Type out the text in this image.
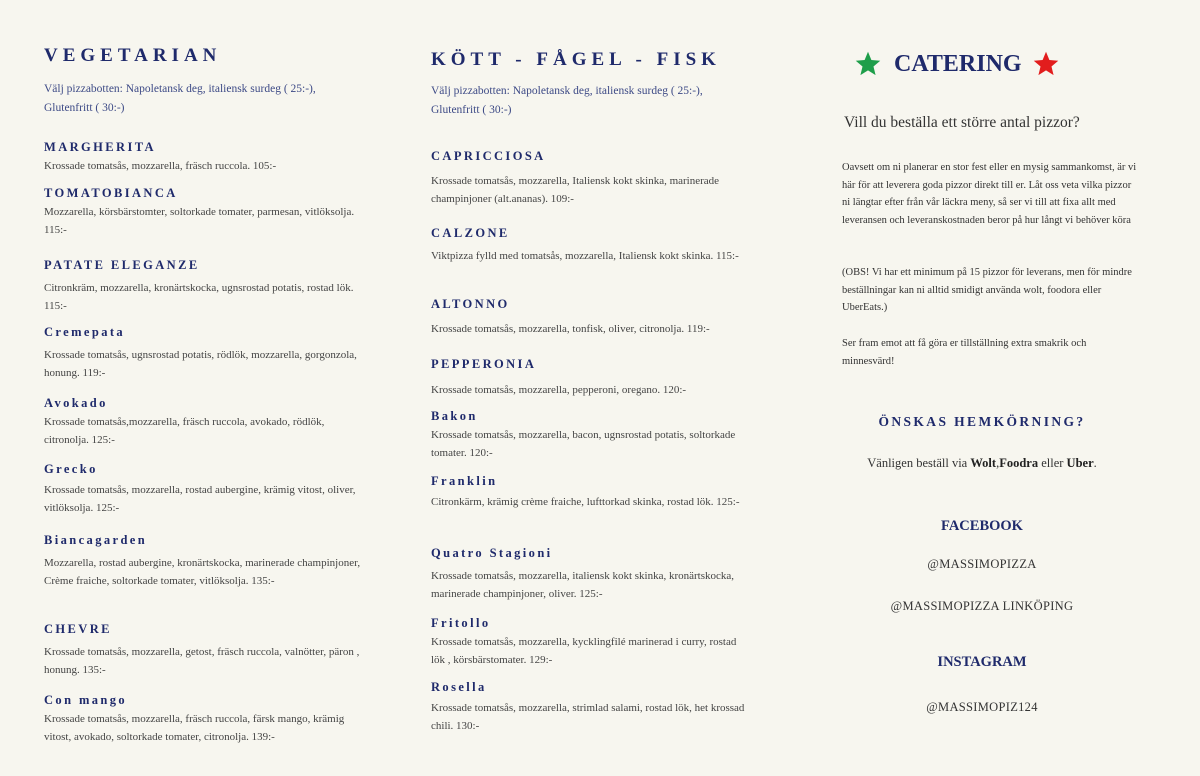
VEGETARIAN
Välj pizzabotten: Napoletansk deg, italiensk surdeg ( 25:-), Glutenfritt ( 30:-)
MARGHERITA
Krossade tomatsås, mozzarella, fräsch ruccola. 105:-
TOMATOBIANCA
Mozzarella, körsbärstomter, soltorkade tomater, parmesan, vitlöksolja. 115:-
PATATE ELEGANZE
Citronkräm, mozzarella, kronärtskocka, ugnsrostad potatis, rostad lök. 115:-
Cremepata
Krossade tomatsås, ugnsrostad potatis, rödlök, mozzarella, gorgonzola, honung. 119:-
Avokado
Krossade tomatsås,mozzarella, fräsch ruccola, avokado, rödlök, citronolja. 125:-
Grecko
Krossade tomatsås, mozzarella, rostad aubergine, krämig vitost, oliver, vitlöksolja. 125:-
Biancagarden
Mozzarella, rostad aubergine, kronärtskocka, marinerade champinjoner, Crème fraiche, soltorkade tomater, vitlöksolja. 135:-
CHEVRE
Krossade tomatsås, mozzarella, getost, fräsch ruccola, valnötter, päron , honung. 135:-
Con mango
Krossade tomatsås, mozzarella, fräsch ruccola, färsk mango, krämig vitost, avokado, soltorkade tomater, citronolja. 139:-
KÖTT - FÅGEL - FISK
Välj pizzabotten: Napoletansk deg, italiensk surdeg ( 25:-), Glutenfritt ( 30:-)
CAPRICCIOSA
Krossade tomatsås, mozzarella, Italiensk kokt skinka, marinerade champinjoner (alt.ananas). 109:-
CALZONE
Viktpizza fylld med tomatsås, mozzarella, Italiensk kokt skinka. 115:-
ALTONNO
Krossade tomatsås, mozzarella, tonfisk, oliver, citronolja. 119:-
PEPPERONIA
Krossade tomatsås, mozzarella, pepperoni, oregano. 120:-
Bakon
Krossade tomatsås, mozzarella, bacon, ugnsrostad potatis, soltorkade tomater. 120:-
Franklin
Citronkärm, krämig crème fraiche, lufttorkad skinka, rostad lök. 125:-
Quatro Stagioni
Krossade tomatsås, mozzarella, italiensk kokt skinka, kronärtskocka, marinerade champinjoner, oliver. 125:-
Fritollo
Krossade tomatsås, mozzarella, kycklingfilé marinerad i curry, rostad lök , körsbärstomater. 129:-
Rosella
Krossade tomatsås, mozzarella, strimlad salami, rostad lök, het krossad chili. 130:-
CATERING
Vill du beställa ett större antal pizzor?
Oavsett om ni planerar en stor fest eller en mysig sammankomst, är vi här för att leverera goda pizzor direkt till er. Låt oss veta vilka pizzor ni längtar efter från vår läckra meny, så ser vi till att fixa allt med leveransen och leveranskostnaden beror på hur långt vi behöver köra
(OBS! Vi har ett minimum på 15 pizzor för leverans, men för mindre beställningar kan ni alltid smidigt använda wolt, foodora eller UberEats.)
Ser fram emot att få göra er tillställning extra smakrik och minnesvärd!
ÖNSKAS HEMKÖRNING?
Vänligen beställ via Wolt,Foodra eller Uber.
FACEBOOK
@MASSIMOPIZZA
@MASSIMOPIZZA LINKÖPING
INSTAGRAM
@MASSIMOPIZ124
